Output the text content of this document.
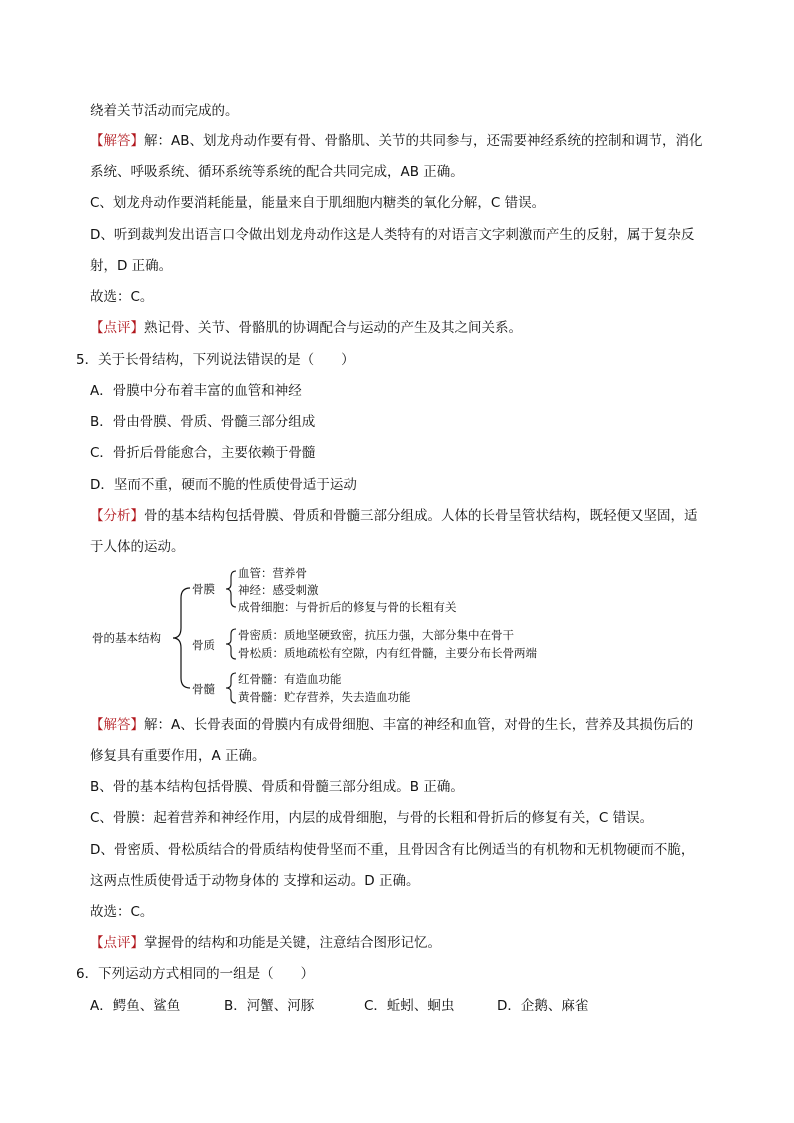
绕着关节活动而完成的。
【解答】解：AB、划龙舟动作要有骨、骨骼肌、关节的共同参与，还需要神经系统的控制和调节，消化
系统、呼吸系统、循环系统等系统的配合共同完成，AB 正确。
C、划龙舟动作要消耗能量，能量来自于肌细胞内糖类的氧化分解，C 错误。
D、听到裁判发出语言口令做出划龙舟动作这是人类特有的对语言文字刺激而产生的反射，属于复杂反
射，D 正确。
故选：C。
【点评】熟记骨、关节、骨骼肌的协调配合与运动的产生及其之间关系。
5．关于长骨结构，下列说法错误的是（　　）
A．骨膜中分布着丰富的血管和神经
B．骨由骨膜、骨质、骨髓三部分组成
C．骨折后骨能愈合，主要依赖于骨髓
D．坚而不重，硬而不脆的性质使骨适于运动
【分析】骨的基本结构包括骨膜、骨质和骨髓三部分组成。人体的长骨呈管状结构，既轻便又坚固，适
于人体的运动。
骨的基本结构
骨膜
血管：营养骨
神经：感受刺激
成骨细胞：与骨折后的修复与骨的长粗有关
骨质
骨密质：质地坚硬致密，抗压力强，大部分集中在骨干
骨松质：质地疏松有空隙，内有红骨髓，主要分布长骨两端
骨髓
红骨髓：有造血功能
黄骨髓：贮存营养，失去造血功能
【解答】解：A、长骨表面的骨膜内有成骨细胞、丰富的神经和血管，对骨的生长，营养及其损伤后的
修复具有重要作用，A 正确。
B、骨的基本结构包括骨膜、骨质和骨髓三部分组成。B 正确。
C、骨膜：起着营养和神经作用，内层的成骨细胞，与骨的长粗和骨折后的修复有关，C 错误。
D、骨密质、骨松质结合的骨质结构使骨坚而不重，且骨因含有比例适当的有机物和无机物硬而不脆，
这两点性质使骨适于动物身体的 支撑和运动。D 正确。
故选：C。
【点评】掌握骨的结构和功能是关键，注意结合图形记忆。
6．下列运动方式相同的一组是（　　）
A．鳄鱼、鲨鱼	B．河蟹、河豚	C．蚯蚓、蛔虫	D．企鹅、麻雀
